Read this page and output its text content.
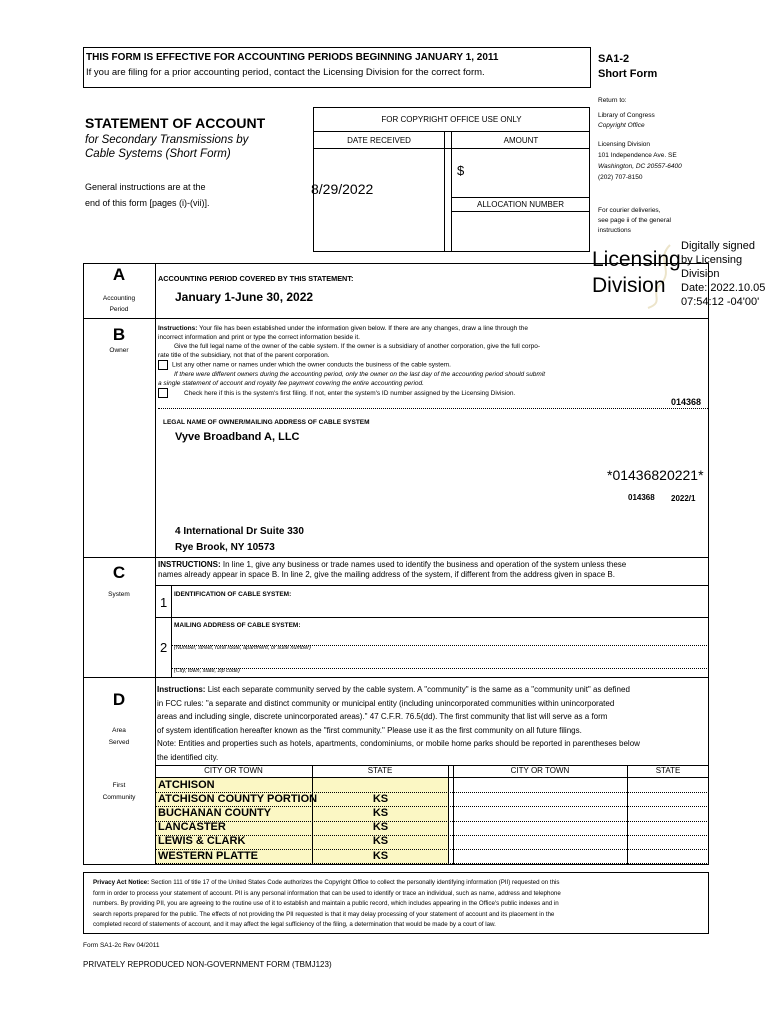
THIS FORM IS EFFECTIVE FOR ACCOUNTING PERIODS BEGINNING JANUARY 1, 2011
If you are filing for a prior accounting period, contact the Licensing Division for the correct form.
SA1-2
Short Form
Return to:
Library of Congress
Copyright Office
Licensing Division
101 Independence Ave. SE
Washington, DC 20557-6400
(202) 707-8150
For courier deliveries,
see page ii of the general
instructions
STATEMENT OF ACCOUNT
for Secondary Transmissions by
Cable Systems (Short Form)
General instructions are at the
end of this form [pages (i)-(vii)].
FOR COPYRIGHT OFFICE USE ONLY
DATE RECEIVED	AMOUNT
$
8/29/2022
ALLOCATION NUMBER
Licensing
Division
Digitally signed
by Licensing
Division
Date: 2022.10.05
07:54:12 -04'00'
A
Accounting
Period
ACCOUNTING PERIOD COVERED BY THIS STATEMENT:
January 1-June 30, 2022
B
Owner
Instructions: Your file has been established under the information given below. If there are any changes, draw a line through the
incorrect information and print or type the correct information beside it.
Give the full legal name of the owner of the cable system. If the owner is a subsidiary of another corporation, give the full corpo-
rate title of the subsidiary, not that of the parent corporation.
List any other name or names under which the owner conducts the business of the cable system.
If there were different owners during the accounting period, only the owner on the last day of the accounting period should submit
a single statement of account and royalty fee payment covering the entire accounting period.
Check here if this is the system's first filing. If not, enter the system's ID number assigned by the Licensing Division.
014368
LEGAL NAME OF OWNER/MAILING ADDRESS OF CABLE SYSTEM
Vyve Broadband A, LLC
*01436820221*
014368 2022/1
4 International Dr Suite 330
Rye Brook, NY 10573
C
System
INSTRUCTIONS: In line 1, give any business or trade names used to identify the business and operation of the system unless these
names already appear in space B. In line 2, give the mailing address of the system, if different from the address given in space B.
1
IDENTIFICATION OF CABLE SYSTEM:
MAILING ADDRESS OF CABLE SYSTEM:
2 (Number, street, rural route, apartment, or suite number)
(City, town, state, zip code)
D
Area
Served
First
Community
Instructions: List each separate community served by the cable system. A "community" is the same as a "community unit" as defined
in FCC rules: "a separate and distinct community or municipal entity (including unincorporated communities within unincorporated
areas and including single, discrete unincorporated areas)." 47 C.F.R. 76.5(dd). The first community that list will serve as a form
of system identification hereafter known as the "first community." Please use it as the first community on all future filings.
Note: Entities and properties such as hotels, apartments, condominiums, or mobile home parks should be reported in parentheses below
the identified city.
CITY OR TOWN	STATE	CITY OR TOWN	STATE
ATCHISON
ATCHISON COUNTY PORTION	KS
BUCHANAN COUNTY	KS
LANCASTER	KS
LEWIS & CLARK	KS
WESTERN PLATTE	KS
Privacy Act Notice: Section 111 of title 17 of the United States Code authorizes the Copyright Office to collect the personally identifying information (PII) requested on this
form in order to process your statement of account. PII is any personal information that can be used to identify or trace an individual, such as name, address and telephone
numbers. By providing PII, you are agreeing to the routine use of it to establish and maintain a public record, which includes appearing in the Office's public indexes and in
search reports prepared for the public. The effects of not providing the PII requested is that it may delay processing of your statement of account and its placement in the
completed record of statements of account, and it may affect the legal sufficiency of the filing, a determination that would be made by a court of law.
Form SA1-2c Rev 04/2011
PRIVATELY REPRODUCED NON-GOVERNMENT FORM (TBMJ123)
